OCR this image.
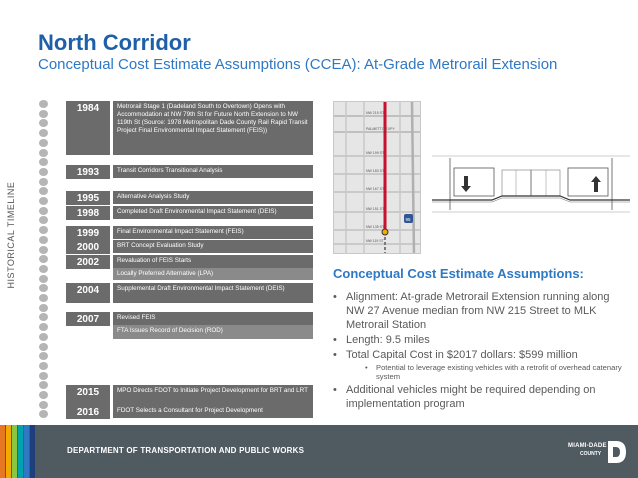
North Corridor
Conceptual Cost Estimate Assumptions (CCEA): At-Grade Metrorail Extension
HISTORICAL TIMELINE
1984	Metrorail Stage 1 (Dadeland South to Overtown) Opens with Accommodation at NW 79th St for Future North Extension to NW 119th St (Source: 1978 Metropolitan Dade County Rail Rapid Transit Project Final Environmental Impact Statement (FEIS))
1993	Transit Corridors Transitional Analysis
1995	Alternative Analysis Study
1998	Completed Draft Environmental Impact Statement (DEIS)
1999	Final Environmental Impact Statement (FEIS)
2000	BRT Concept Evaluation Study
2002	Revaluation of FEIS Starts
Locally Preferred Alternative (LPA)
2004	Supplemental Draft Environmental Impact Statement (DEIS)
2007	Revised FEIS
FTA Issues Record of Decision (ROD)
2015	MPO Directs FDOT to Initiate Project Development for BRT and LRT
2016	FDOT Selects a Consultant for Project Development
NW 215 ST
PALMETTO EXPY
NW 199 ST
NW 183 ST
NW 167 ST
NW 151 ST
NW 135 ST
NW 119 ST
95
Conceptual Cost Estimate Assumptions:
• Alignment: At-grade Metrorail Extension running along NW 27 Avenue median from NW 215 Street to MLK Metrorail Station
• Length: 9.5 miles
• Total Capital Cost in $2017 dollars: $599 million
• Potential to leverage existing vehicles with a retrofit of overhead catenary system
• Additional vehicles might be required depending on implementation program
DEPARTMENT OF TRANSPORTATION AND PUBLIC WORKS	MIAMI-DADE
COUNTY
